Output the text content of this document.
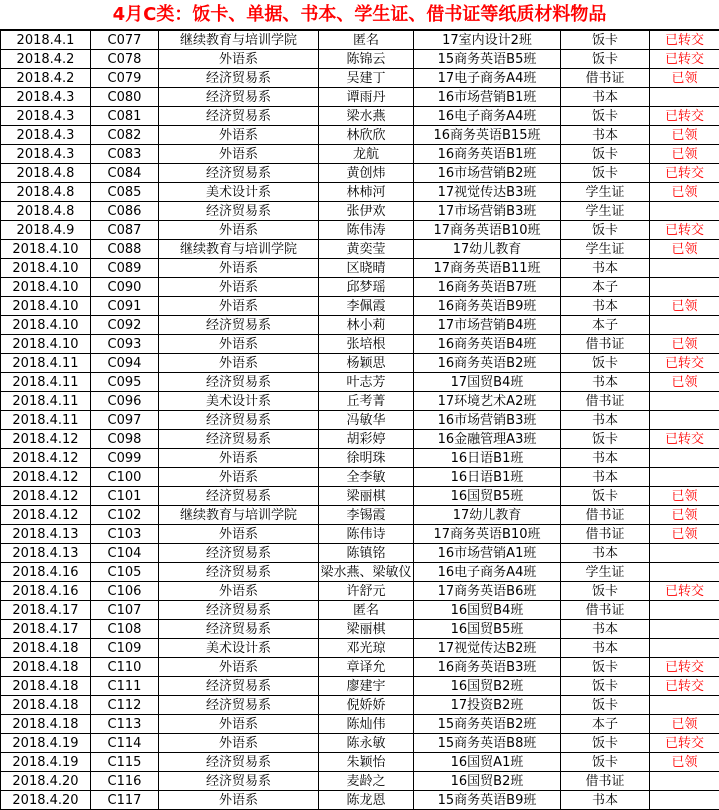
4月C类：饭卡、单据、书本、学生证、借书证等纸质材料物品
2018.4.1	C077	继续教育与培训学院	匿名	17室内设计2班	饭卡	已转交
2018.4.2	C078	外语系	陈锦云	15商务英语B5班	饭卡	已转交
2018.4.2	C079	经济贸易系	吴建丁	17电子商务A4班	借书证	已领
2018.4.3	C080	经济贸易系	谭雨丹	16市场营销B1班	书本	
2018.4.3	C081	经济贸易系	梁水燕	16电子商务A4班	饭卡	已转交
2018.4.3	C082	外语系	林欣欣	16商务英语B15班	书本	已领
2018.4.3	C083	外语系	龙航	16商务英语B1班	饭卡	已领
2018.4.8	C084	经济贸易系	黄创炜	16市场营销B2班	饭卡	已转交
2018.4.8	C085	美术设计系	林柿河	17视觉传达B3班	学生证	已领
2018.4.8	C086	经济贸易系	张伊欢	17市场营销B3班	学生证	
2018.4.9	C087	外语系	陈伟涛	17商务英语B10班	饭卡	已转交
2018.4.10	C088	继续教育与培训学院	黄奕莹	17幼儿教育	学生证	已领
2018.4.10	C089	外语系	区晓晴	17商务英语B11班	书本	
2018.4.10	C090	外语系	邱梦瑶	16商务英语B7班	本子	
2018.4.10	C091	外语系	李佩霞	16商务英语B9班	书本	已领
2018.4.10	C092	经济贸易系	林小莉	17市场营销B4班	本子	
2018.4.10	C093	外语系	张培根	16商务英语B4班	借书证	已领
2018.4.11	C094	外语系	杨颖思	16商务英语B2班	饭卡	已转交
2018.4.11	C095	经济贸易系	叶志芳	17国贸B4班	书本	已领
2018.4.11	C096	美术设计系	丘考菁	17环境艺术A2班	借书证	
2018.4.11	C097	经济贸易系	冯敏华	16市场营销B3班	书本	
2018.4.12	C098	经济贸易系	胡彩婷	16金融管理A3班	饭卡	已转交
2018.4.12	C099	外语系	徐明珠	16日语B1班	书本	
2018.4.12	C100	外语系	全李敏	16日语B1班	书本	
2018.4.12	C101	经济贸易系	梁丽棋	16国贸B5班	饭卡	已领
2018.4.12	C102	继续教育与培训学院	李锡霞	17幼儿教育	借书证	已领
2018.4.13	C103	外语系	陈伟诗	17商务英语B10班	借书证	已领
2018.4.13	C104	经济贸易系	陈镇铭	16市场营销A1班	书本	
2018.4.16	C105	经济贸易系	梁水燕、梁敏仪	16电子商务A4班	学生证	
2018.4.16	C106	外语系	许舒元	17商务英语B6班	饭卡	已转交
2018.4.17	C107	经济贸易系	匿名	16国贸B4班	借书证	
2018.4.17	C108	经济贸易系	梁丽棋	16国贸B5班	书本	
2018.4.18	C109	美术设计系	邓光琼	17视觉传达B2班	书本	
2018.4.18	C110	外语系	章译允	16商务英语B3班	饭卡	已转交
2018.4.18	C111	经济贸易系	廖建宇	16国贸B2班	饭卡	已转交
2018.4.18	C112	经济贸易系	倪娇娇	17投资B2班	饭卡	
2018.4.18	C113	外语系	陈灿伟	15商务英语B2班	本子	已领
2018.4.19	C114	外语系	陈永敏	15商务英语B8班	饭卡	已转交
2018.4.19	C115	经济贸易系	朱颖怡	16国贸A1班	饭卡	已领
2018.4.20	C116	经济贸易系	麦龄之	16国贸B2班	借书证	
2018.4.20	C117	外语系	陈龙恩	15商务英语B9班	书本	
